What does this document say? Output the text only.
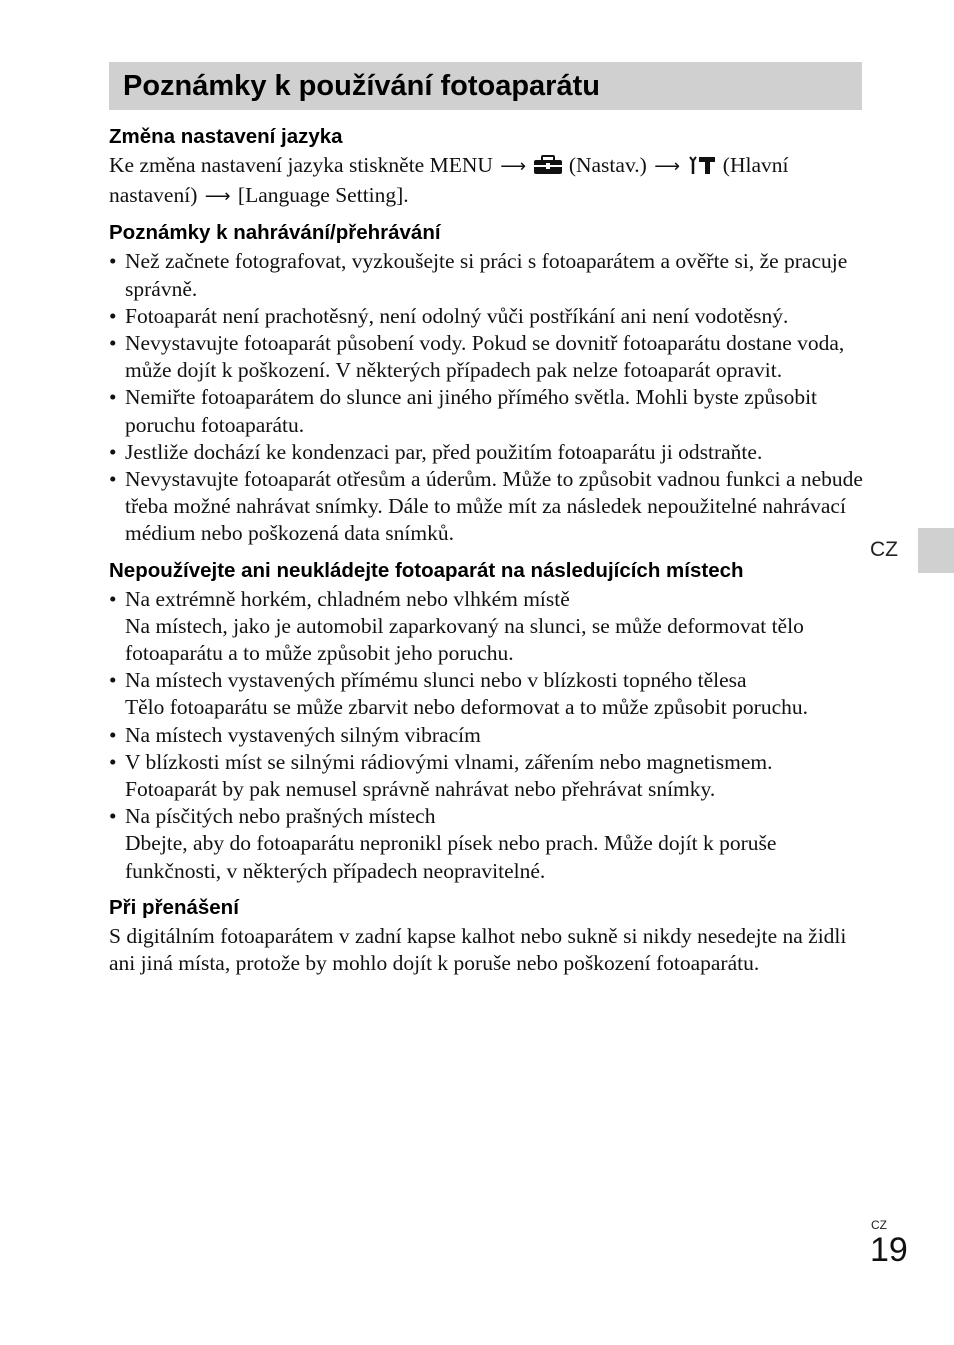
Poznámky k používání fotoaparátu
Změna nastavení jazyka

Ke změna nastavení jazyka stiskněte MENU ⟶ (Nastav.) ⟶ (Hlavní nastavení) ⟶ [Language Setting].

Poznámky k nahrávání/přehrávání
• Než začnete fotografovat, vyzkoušejte si práci s fotoaparátem a ověřte si, že pracuje správně.
• Fotoaparát není prachotěsný, není odolný vůči postříkání ani není vodotěsný.
• Nevystavujte fotoaparát působení vody. Pokud se dovnitř fotoaparátu dostane voda, může dojít k poškození. V některých případech pak nelze fotoaparát opravit.
• Nemiřte fotoaparátem do slunce ani jiného přímého světla. Mohli byste způsobit poruchu fotoaparátu.
• Jestliže dochází ke kondenzaci par, před použitím fotoaparátu ji odstraňte.
• Nevystavujte fotoaparát otřesům a úderům. Může to způsobit vadnou funkci a nebude třeba možné nahrávat snímky. Dále to může mít za následek nepoužitelné nahrávací médium nebo poškozená data snímků.
Nepoužívejte ani neukládejte fotoaparát na následujících místech
• Na extrémně horkém, chladném nebo vlhkém místě
Na místech, jako je automobil zaparkovaný na slunci, se může deformovat tělo fotoaparátu a to může způsobit jeho poruchu.
• Na místech vystavených přímému slunci nebo v blízkosti topného tělesa
Tělo fotoaparátu se může zbarvit nebo deformovat a to může způsobit poruchu.
• Na místech vystavených silným vibracím
• V blízkosti míst se silnými rádiovými vlnami, zářením nebo magnetismem.
Fotoaparát by pak nemusel správně nahrávat nebo přehrávat snímky.
• Na písčitých nebo prašných místech
Dbejte, aby do fotoaparátu nepronikl písek nebo prach. Může dojít k poruše funkčnosti, v některých případech neopravitelné.
Při přenášení

S digitálním fotoaparátem v zadní kapse kalhot nebo sukně si nikdy nesedejte na židli ani jiná místa, protože by mohlo dojít k poruše nebo poškození fotoaparátu.

CZ
CZ
19
